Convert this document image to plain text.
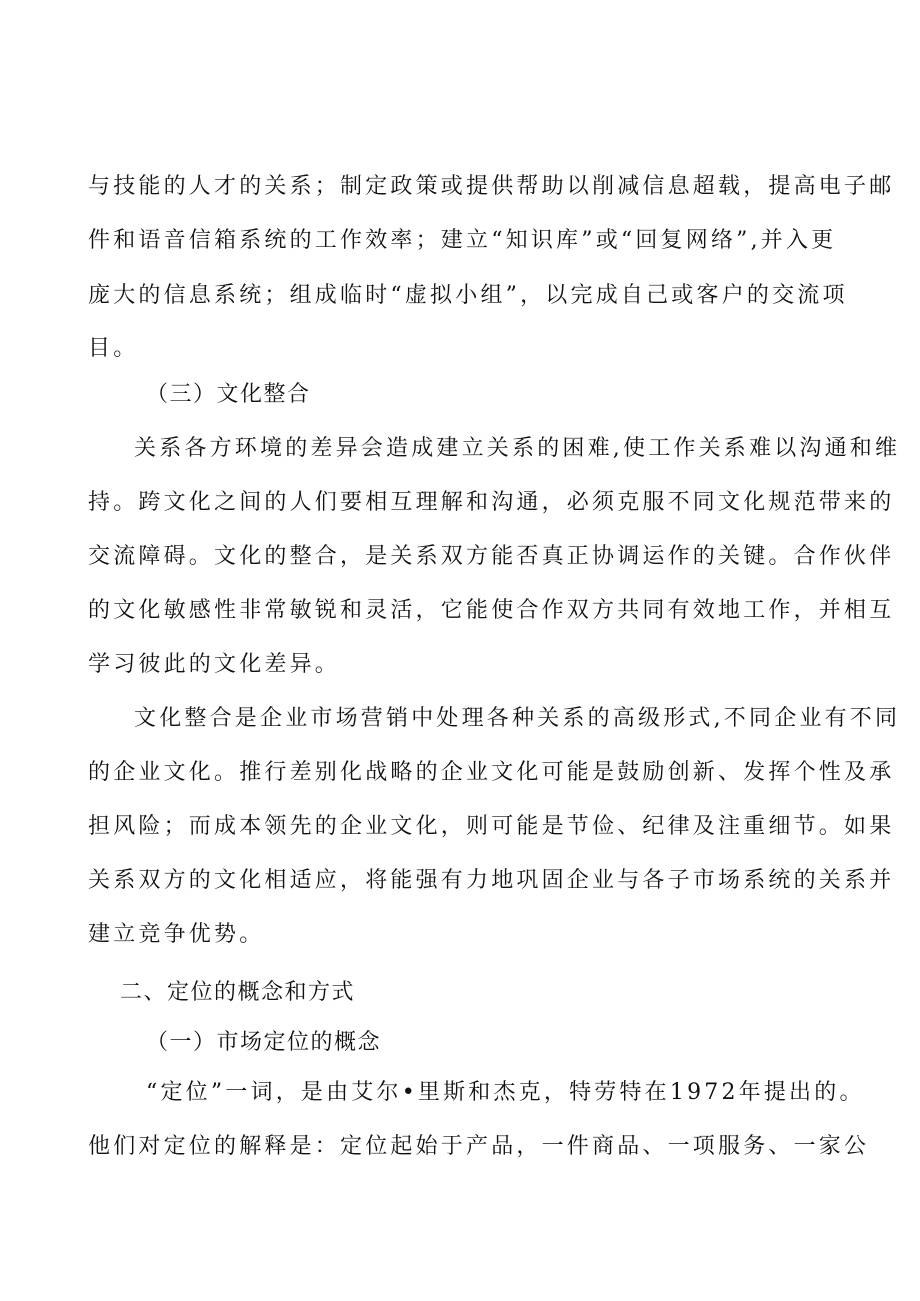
与技能的人才的关系；制定政策或提供帮助以削减信息超载，提高电子邮
件和语音信箱系统的工作效率；建立“知识库”或“回复网络”,并入更
庞大的信息系统；组成临时“虚拟小组”，以完成自己或客户的交流项
目。
（三）文化整合
关系各方环境的差异会造成建立关系的困难,使工作关系难以沟通和维
持。跨文化之间的人们要相互理解和沟通，必须克服不同文化规范带来的
交流障碍。文化的整合，是关系双方能否真正协调运作的关键。合作伙伴
的文化敏感性非常敏锐和灵活，它能使合作双方共同有效地工作，并相互
学习彼此的文化差异。
文化整合是企业市场营销中处理各种关系的高级形式,不同企业有不同
的企业文化。推行差别化战略的企业文化可能是鼓励创新、发挥个性及承
担风险；而成本领先的企业文化，则可能是节俭、纪律及注重细节。如果
关系双方的文化相适应，将能强有力地巩固企业与各子市场系统的关系并
建立竞争优势。
二、定位的概念和方式
（一）市场定位的概念
“定位”一词，是由艾尔•里斯和杰克，特劳特在1972年提出的。
他们对定位的解释是：定位起始于产品，一件商品、一项服务、一家公
